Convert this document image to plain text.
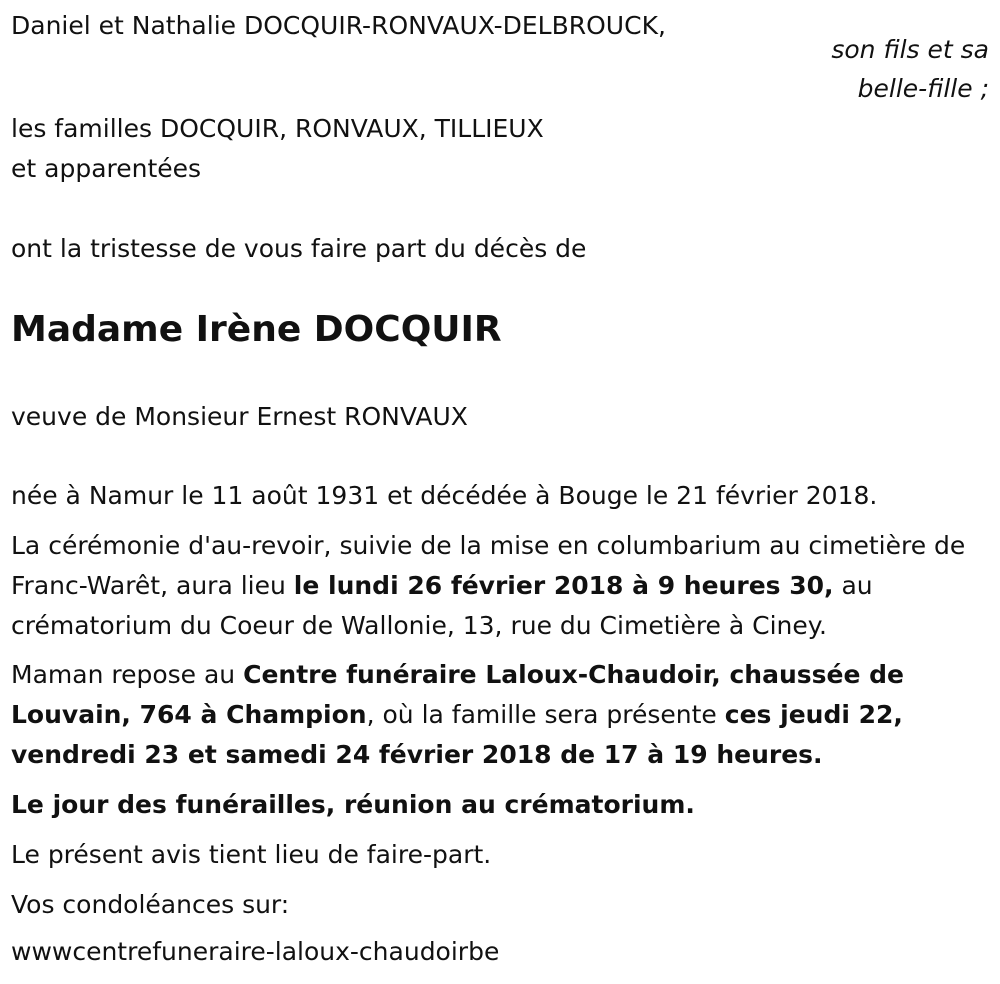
Daniel et Nathalie DOCQUIR-RONVAUX-DELBROUCK,
son fils et sa
belle-fille ;
les familles DOCQUIR, RONVAUX, TILLIEUX
et apparentées
ont la tristesse de vous faire part du décès de
Madame Irène DOCQUIR
veuve de Monsieur Ernest RONVAUX
née à Namur le 11 août 1931 et décédée à Bouge le 21 février 2018.
La cérémonie d'au-revoir, suivie de la mise en columbarium au cimetière de Franc-Warêt, aura lieu le lundi 26 février 2018 à 9 heures 30, au crématorium du Coeur de Wallonie, 13, rue du Cimetière à Ciney.
Maman repose au Centre funéraire Laloux-Chaudoir, chaussée de Louvain, 764 à Champion, où la famille sera présente ces jeudi 22, vendredi 23 et samedi 24 février 2018 de 17 à 19 heures.
Le jour des funérailles, réunion au crématorium.
Le présent avis tient lieu de faire-part.
Vos condoléances sur:
wwwcentrefuneraire-laloux-chaudoirbe
